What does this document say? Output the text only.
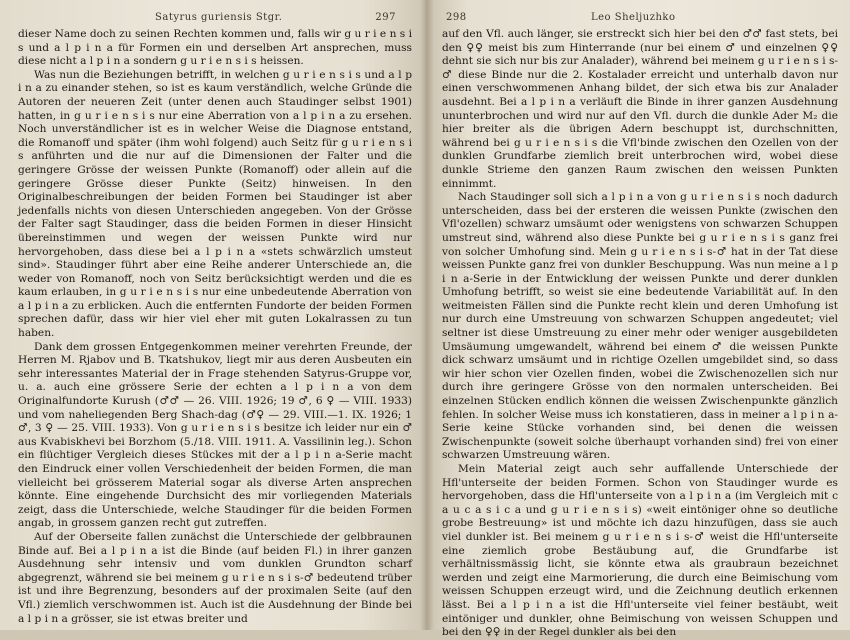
Satyrus guriensis Stgr.	297

dieser Name doch zu seinen Rechten kommen und, falls wir g u r i e n s i s und a l p i n a für Formen ein und derselben Art ansprechen, muss diese nicht a l p i n a sondern g u r i e n s i s heissen.

Was nun die Beziehungen betrifft, in welchen g u r i e n s i s und a l p i n a zu einander stehen, so ist es kaum verständlich, welche Gründe die Autoren der neueren Zeit (unter denen auch Staudinger selbst 1901) hatten, in g u r i e n s i s nur eine Aberration von a l p i n a zu ersehen. Noch unverständlicher ist es in welcher Weise die Diagnose entstand, die Romanoff und später (ihm wohl folgend) auch Seitz für g u r i e n s i s anführten und die nur auf die Dimensionen der Falter und die geringere Grösse der weissen Punkte (Romanoff) oder allein auf die geringere Grösse dieser Punkte (Seitz) hinweisen. In den Originalbeschreibungen der beiden Formen bei Staudinger ist aber jedenfalls nichts von diesen Unterschieden angegeben. Von der Grösse der Falter sagt Staudinger, dass die beiden Formen in dieser Hinsicht übereinstimmen und wegen der weissen Punkte wird nur hervorgehoben, dass diese bei a l p i n a «stets schwärzlich umsteut sind». Staudinger führt aber eine Reihe anderer Unterschiede an, die weder von Romanoff, noch von Seitz berücksichtigt werden und die es kaum erlauben, in g u r i e n s i s nur eine unbedeutende Aberration von a l p i n a zu erblicken. Auch die entfernten Fundorte der beiden Formen sprechen dafür, dass wir hier viel eher mit guten Lokalrassen zu tun haben.

Dank dem grossen Entgegenkommen meiner verehrten Freunde, der Herren M. Rjabov und B. Tkatshukov, liegt mir aus deren Ausbeuten ein sehr interessantes Material der in Frage stehenden Satyrus-Gruppe vor, u. a. auch eine grössere Serie der echten a l p i n a von dem Originalfundorte Kurush (♂♂ — 26. VIII. 1926; 19 ♂, 6 ♀ — VIII. 1933) und vom naheliegenden Berg Shach-dag (♂♀ — 29. VIII.—1. IX. 1926; 1 ♂, 3 ♀ — 25. VIII. 1933). Von g u r i e n s i s besitze ich leider nur ein ♂ aus Kvabiskhevi bei Borzhom (5./18. VIII. 1911. A. Vassilinin leg.). Schon ein flüchtiger Vergleich dieses Stückes mit der a l p i n a-Serie macht den Eindruck einer vollen Verschiedenheit der beiden Formen, die man vielleicht bei grösserem Material sogar als diverse Arten ansprechen könnte. Eine eingehende Durchsicht des mir vorliegenden Materials zeigt, dass die Unterschiede, welche Staudinger für die beiden Formen angab, in grossem ganzen recht gut zutreffen.

Auf der Oberseite fallen zunächst die Unterschiede der gelbbraunen Binde auf. Bei a l p i n a ist die Binde (auf beiden Fl.) in ihrer ganzen Ausdehnung sehr intensiv und vom dunklen Grundton scharf abgegrenzt, während sie bei meinem g u r i e n s i s-♂ bedeutend trüber ist und ihre Begrenzung, besonders auf der proximalen Seite (auf den Vfl.) ziemlich verschwommen ist. Auch ist die Ausdehnung der Binde bei a l p i n a grösser, sie ist etwas breiter und

298	Leo Sheljuzhko

auf den Vfl. auch länger, sie erstreckt sich hier bei den ♂♂ fast stets, bei den ♀♀ meist bis zum Hinterrande (nur bei einem ♂ und einzelnen ♀♀ dehnt sie sich nur bis zur Analader), während bei meinem g u r i e n s i s-♂ diese Binde nur die 2. Kostalader erreicht und unterhalb davon nur einen verschwommenen Anhang bildet, der sich etwa bis zur Analader ausdehnt. Bei a l p i n a verläuft die Binde in ihrer ganzen Ausdehnung ununterbrochen und wird nur auf den Vfl. durch die dunkle Ader M₂ die hier breiter als die übrigen Adern beschuppt ist, durchschnitten, während bei g u r i e n s i s die Vfl'binde zwischen den Ozellen von der dunklen Grundfarbe ziemlich breit unterbrochen wird, wobei diese dunkle Strieme den ganzen Raum zwischen den weissen Punkten einnimmt.

Nach Staudinger soll sich a l p i n a von g u r i e n s i s noch dadurch unterscheiden, dass bei der ersteren die weissen Punkte (zwischen den Vfl'ozellen) schwarz umsäumt oder wenigstens von schwarzen Schuppen umstreut sind, während also diese Punkte bei g u r i e n s i s ganz frei von solcher Umhofung sind. Mein g u r i e n s i s-♂ hat in der Tat diese weissen Punkte ganz frei von dunkler Beschuppung. Was nun meine a l p i n a-Serie in der Entwicklung der weissen Punkte und derer dunklen Umhofung betrifft, so weist sie eine bedeutende Variabilität auf. In den weitmeisten Fällen sind die Punkte recht klein und deren Umhofung ist nur durch eine Umstreuung von schwarzen Schuppen angedeutet; viel seltner ist diese Umstreuung zu einer mehr oder weniger ausgebildeten Umsäumung umgewandelt, während bei einem ♂ die weissen Punkte dick schwarz umsäumt und in richtige Ozellen umgebildet sind, so dass wir hier schon vier Ozellen finden, wobei die Zwischenozellen sich nur durch ihre geringere Grösse von den normalen unterscheiden. Bei einzelnen Stücken endlich können die weissen Zwischenpunkte gänzlich fehlen. In solcher Weise muss ich konstatieren, dass in meiner a l p i n a-Serie keine Stücke vorhanden sind, bei denen die weissen Zwischenpunkte (soweit solche überhaupt vorhanden sind) frei von einer schwarzen Umstreuung wären.

Mein Material zeigt auch sehr auffallende Unterschiede der Hfl'unterseite der beiden Formen. Schon von Staudinger wurde es hervorgehoben, dass die Hfl'unterseite von a l p i n a (im Vergleich mit c a u c a s i c a und g u r i e n s i s) «weit eintöniger ohne so deutliche grobe Bestreuung» ist und möchte ich dazu hinzufügen, dass sie auch viel dunkler ist. Bei meinem g u r i e n s i s-♂ weist die Hfl'unterseite eine ziemlich grobe Bestäubung auf, die Grundfarbe ist verhältnissmässig licht, sie könnte etwa als graubraun bezeichnet werden und zeigt eine Marmorierung, die durch eine Beimischung vom weissen Schuppen erzeugt wird, und die Zeichnung deutlich erkennen lässt. Bei a l p i n a ist die Hfl'unterseite viel feiner bestäubt, weit eintöniger und dunkler, ohne Beimischung von weissen Schuppen und bei den ♀♀ in der Regel dunkler als bei den
